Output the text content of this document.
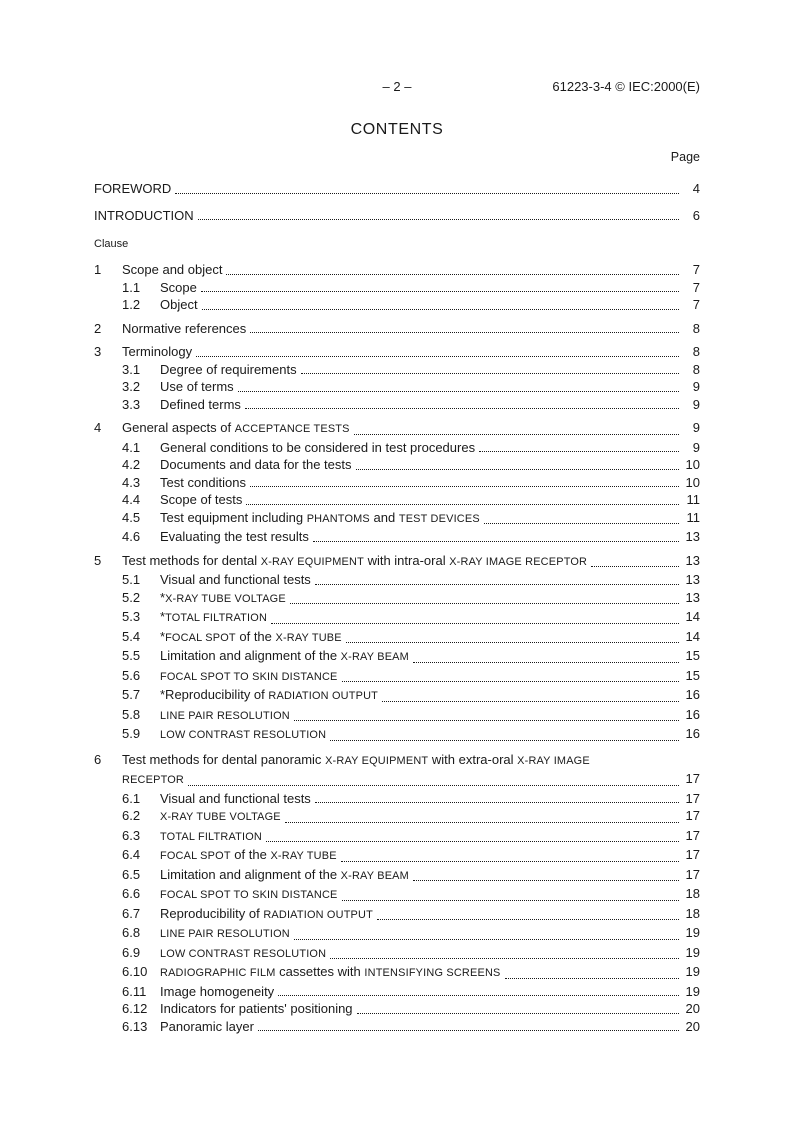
– 2 –	61223-3-4 © IEC:2000(E)
CONTENTS
Page
FOREWORD	4
INTRODUCTION	6
Clause
1	Scope and object	7
1.1	Scope	7
1.2	Object	7
2	Normative references	8
3	Terminology	8
3.1	Degree of requirements	8
3.2	Use of terms	9
3.3	Defined terms	9
4	General aspects of ACCEPTANCE TESTS	9
4.1	General conditions to be considered in test procedures	9
4.2	Documents and data for the tests	10
4.3	Test conditions	10
4.4	Scope of tests	11
4.5	Test equipment including PHANTOMS and TEST DEVICES	11
4.6	Evaluating the test results	13
5	Test methods for dental X-RAY EQUIPMENT with intra-oral X-RAY IMAGE RECEPTOR	13
5.1	Visual and functional tests	13
5.2	*X-RAY TUBE VOLTAGE	13
5.3	*TOTAL FILTRATION	14
5.4	*FOCAL SPOT of the X-RAY TUBE	14
5.5	Limitation and alignment of the X-RAY BEAM	15
5.6	FOCAL SPOT TO SKIN DISTANCE	15
5.7	*Reproducibility of RADIATION OUTPUT	16
5.8	LINE PAIR RESOLUTION	16
5.9	LOW CONTRAST RESOLUTION	16
6	Test methods for dental panoramic X-RAY EQUIPMENT with extra-oral X-RAY IMAGE
RECEPTOR	17
6.1	Visual and functional tests	17
6.2	X-RAY TUBE VOLTAGE	17
6.3	TOTAL FILTRATION	17
6.4	FOCAL SPOT of the X-RAY TUBE	17
6.5	Limitation and alignment of the X-RAY BEAM	17
6.6	FOCAL SPOT TO SKIN DISTANCE	18
6.7	Reproducibility of RADIATION OUTPUT	18
6.8	LINE PAIR RESOLUTION	19
6.9	LOW CONTRAST RESOLUTION	19
6.10	RADIOGRAPHIC FILM cassettes with INTENSIFYING SCREENS	19
6.11	Image homogeneity	19
6.12 Indicators for patients' positioning	20
6.13 Panoramic layer	20
